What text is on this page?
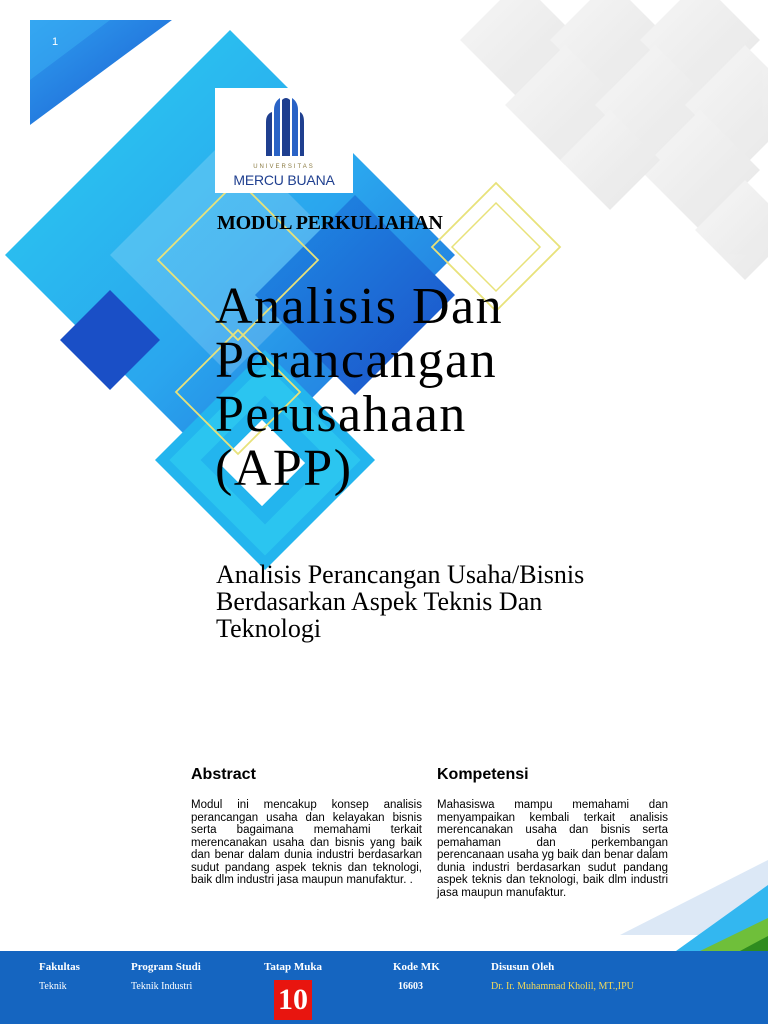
1
UNIVERSITAS
MERCU BUANA
MODUL PERKULIAHAN
Analisis Dan
Perancangan
Perusahaan
(APP)
Analisis Perancangan Usaha/Bisnis
Berdasarkan Aspek Teknis Dan
Teknologi
Abstract
Modul ini mencakup konsep analisis perancangan usaha dan kelayakan bisnis serta bagaimana memahami terkait merencanakan usaha dan bisnis yang baik dan benar dalam dunia industri berdasarkan sudut pandang aspek teknis dan teknologi, baik dlm industri jasa maupun manufaktur. .
Kompetensi
Mahasiswa mampu memahami dan menyampaikan kembali terkait analisis merencanakan usaha dan bisnis serta pemahaman dan perkembangan perencanaan usaha yg baik dan benar dalam dunia industri berdasarkan sudut pandang aspek teknis dan teknologi, baik dlm industri jasa maupun manufaktur.
Fakultas
Teknik
Program Studi
Teknik Industri
Tatap Muka
10
Kode MK
16603
Disusun Oleh
Dr. Ir. Muhammad Kholil, MT.,IPU
